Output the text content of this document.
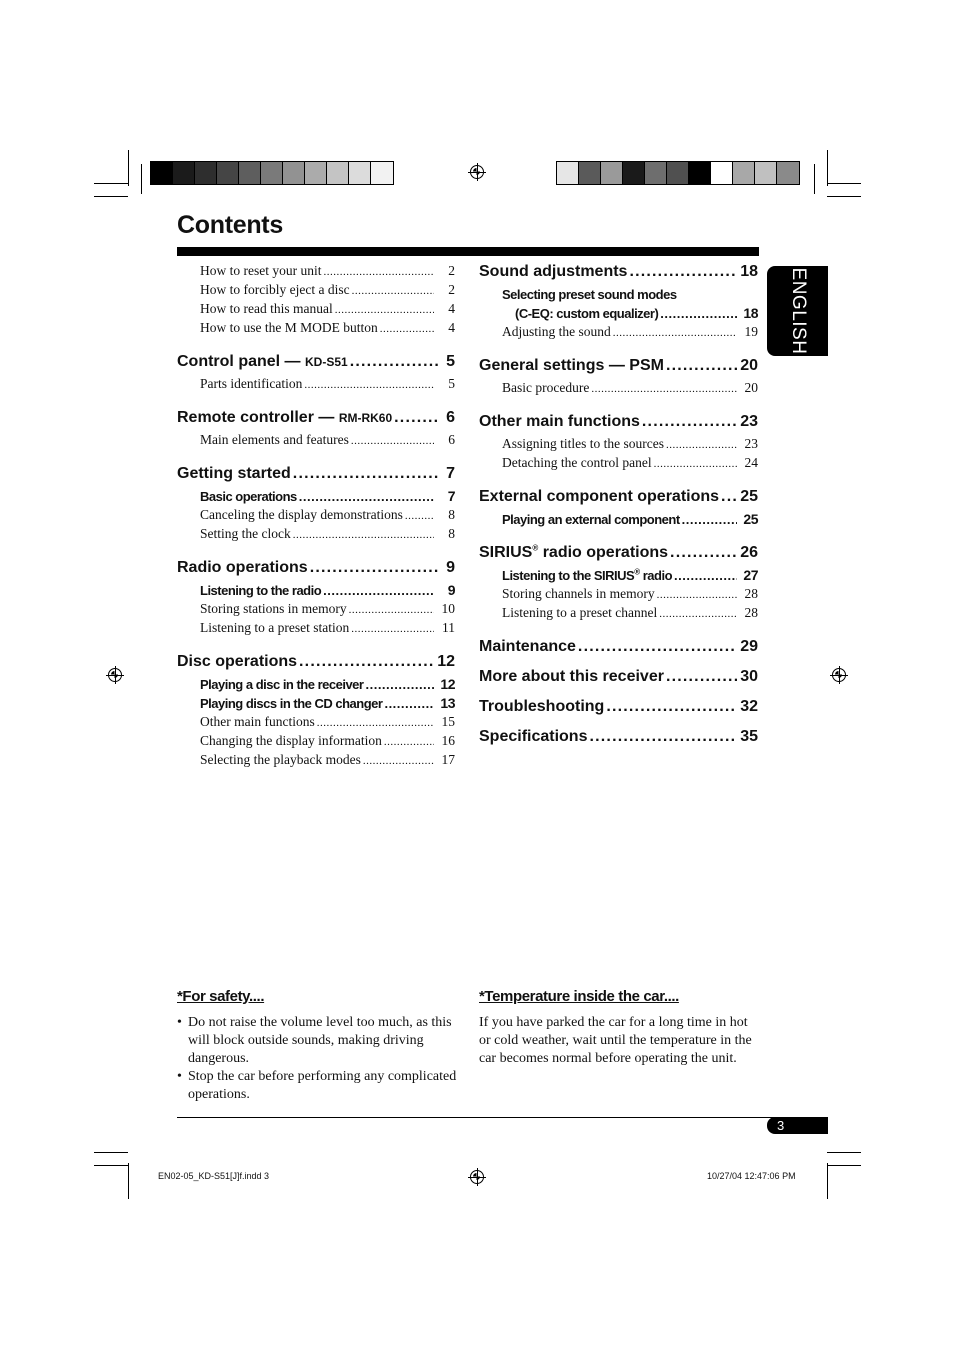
Contents
ENGLISH
How to reset your unit .....	2
How to forcibly eject a disc .....	2
How to read this manual .....	4
How to use the M MODE button .....	4
Control panel — KD-S51 .....	5
Parts identification .....	5
Remote controller — RM-RK60 .....	6
Main elements and features .....	6
Getting started .....	7
Basic operations .....	7
Canceling the display demonstrations .....	8
Setting the clock .....	8
Radio operations .....	9
Listening to the radio .....	9
Storing stations in memory .....	10
Listening to a preset station .....	11
Disc operations .....	12
Playing a disc in the receiver .....	12
Playing discs in the CD changer .....	13
Other main functions .....	15
Changing the display information .....	16
Selecting the playback modes .....	17
Sound adjustments .....	18
Selecting preset sound modes
(C-EQ: custom equalizer) .....	18
Adjusting the sound .....	19
General settings — PSM .....	20
Basic procedure .....	20
Other main functions .....	23
Assigning titles to the sources .....	23
Detaching the control panel .....	24
External component operations ..... 25
Playing an external component .....	25
SIRIUS® radio operations .....	26
Listening to the SIRIUS® radio .....	27
Storing channels in memory .....	28
Listening to a preset channel .....	28
Maintenance .....	29
More about this receiver .....	30
Troubleshooting .....	32
Specifications .....	35
*For safety....
• Do not raise the volume level too much, as this will block outside sounds, making driving dangerous.
• Stop the car before performing any complicated operations.
*Temperature inside the car....

If you have parked the car for a long time in hot or cold weather, wait until the temperature in the car becomes normal before operating the unit.

3
EN02-05_KD-S51[J]f.indd 3	10/27/04 12:47:06 PM
